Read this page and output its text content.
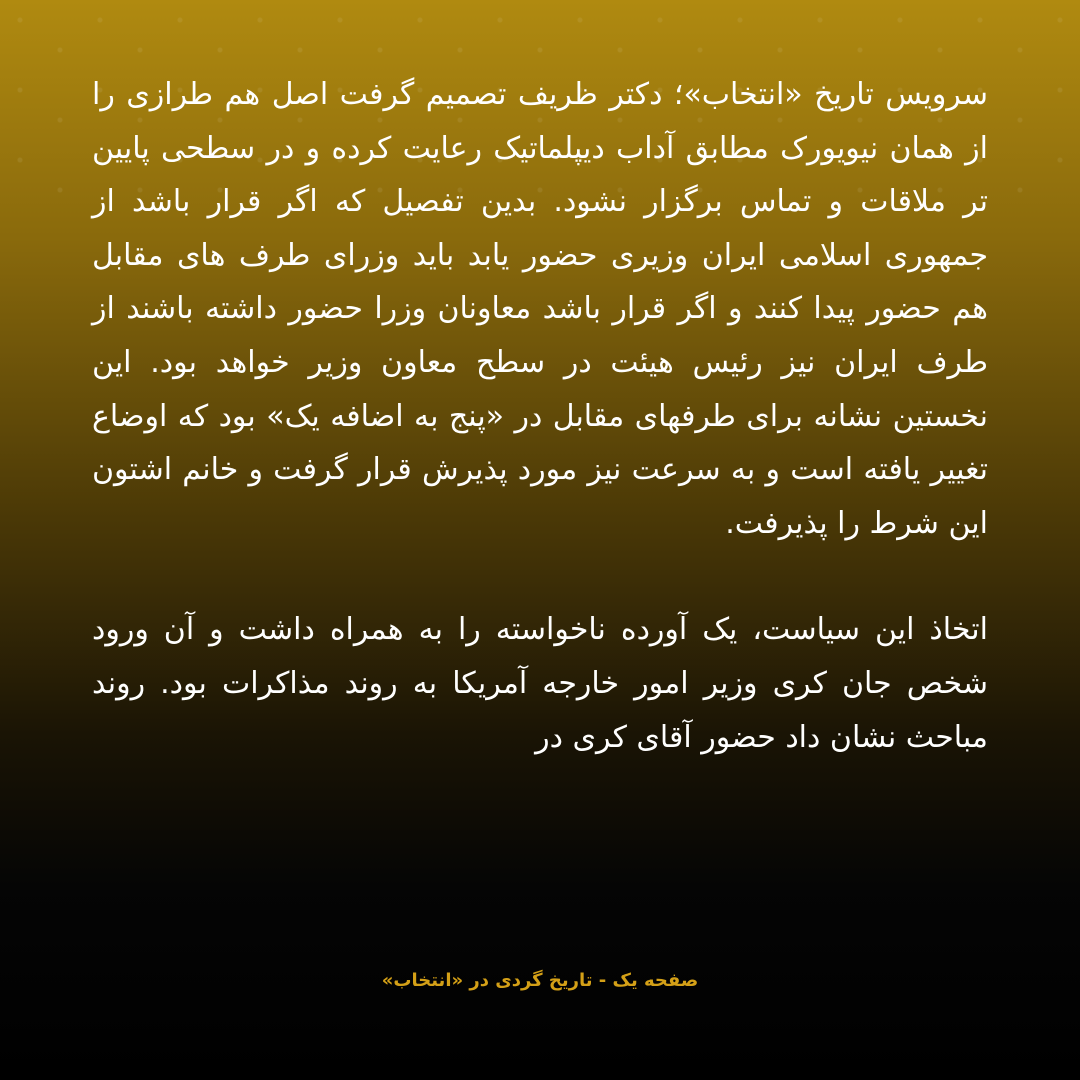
سرویس تاریخ «انتخاب»؛ دکتر ظریف تصمیم گرفت اصل هم طرازی را از همان نیویورک مطابق آداب دیپلماتیک رعایت کرده و در سطحی پایین تر ملاقات و تماس برگزار نشود. بدین تفصیل که اگر قرار باشد از جمهوری اسلامی ایران وزیری حضور یابد باید وزرای طرف های مقابل هم حضور پیدا کنند و اگر قرار باشد معاونان وزرا حضور داشته باشند از طرف ایران نیز رئیس هیئت در سطح معاون وزیر خواهد بود. این نخستین نشانه برای طرفهای مقابل در «پنج به اضافه یک» بود که اوضاع تغییر یافته است و به سرعت نیز مورد پذیرش قرار گرفت و خانم اشتون این شرط را پذیرفت.

اتخاذ این سیاست، یک آورده ناخواسته را به همراه داشت و آن ورود شخص جان کری وزیر امور خارجه آمریکا به روند مذاکرات بود. روند مباحث نشان داد حضور آقای کری در

صفحه یک - تاریخ گردی در «انتخاب»
